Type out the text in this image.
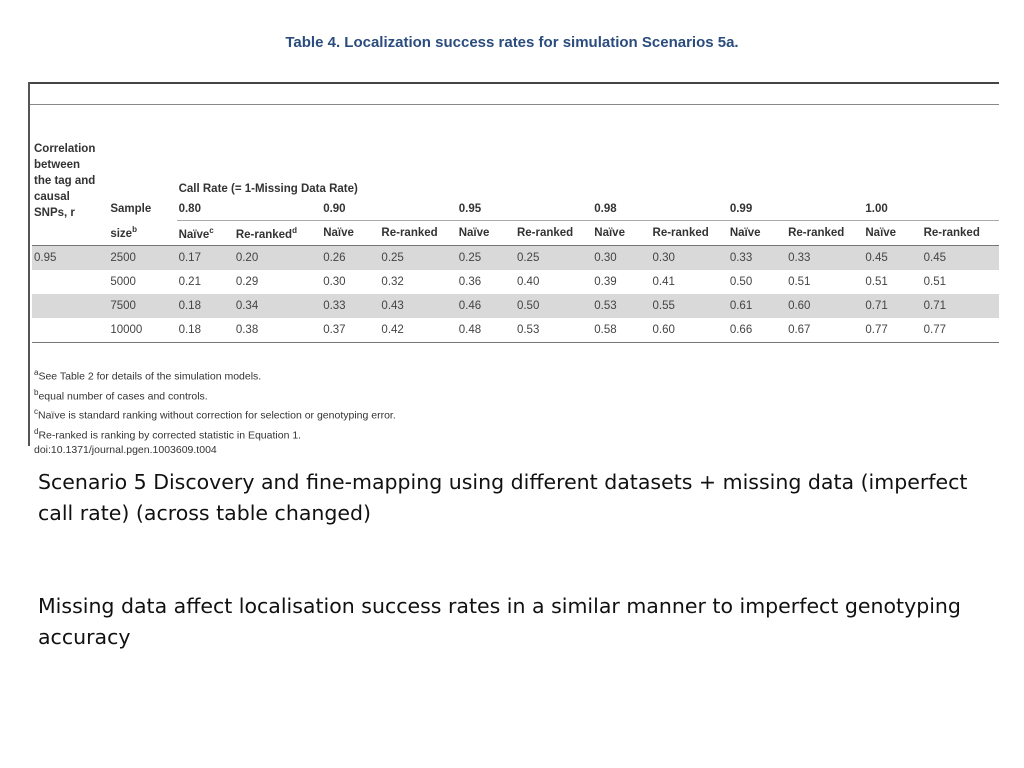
Table 4. Localization success rates for simulation Scenarios 5a.
Correlation
between
the tag and
causal
SNPs, r		Call Rate (= 1-Missing Data Rate)											
	Sample	0.80		0.90		0.95		0.98		0.99		1.00	
	size$^b$	Naïve$^c$	Re-ranked$^d$	Naïve	Re-ranked	Naïve	Re-ranked	Naïve	Re-ranked	Naïve	Re-ranked	Naïve	Re-ranked
0.95	2500	0.17	0.20	0.26	0.25	0.25	0.25	0.30	0.30	0.33	0.33	0.45	0.45
	5000	0.21	0.29	0.30	0.32	0.36	0.40	0.39	0.41	0.50	0.51	0.51	0.51
	7500	0.18	0.34	0.33	0.43	0.46	0.50	0.53	0.55	0.61	0.60	0.71	0.71
	10000	0.18	0.38	0.37	0.42	0.48	0.53	0.58	0.60	0.66	0.67	0.77	0.77
$^a$See Table 2 for details of the simulation models.
$^b$equal number of cases and controls.
$^c$Naïve is standard ranking without correction for selection or genotyping error.
$^d$Re-ranked is ranking by corrected statistic in Equation 1.
doi:10.1371/journal.pgen.1003609.t004
Scenario 5 Discovery and fine-mapping using different datasets + missing data (imperfect call rate) (across table changed)
Missing data affect localisation success rates in a similar manner to imperfect genotyping accuracy
